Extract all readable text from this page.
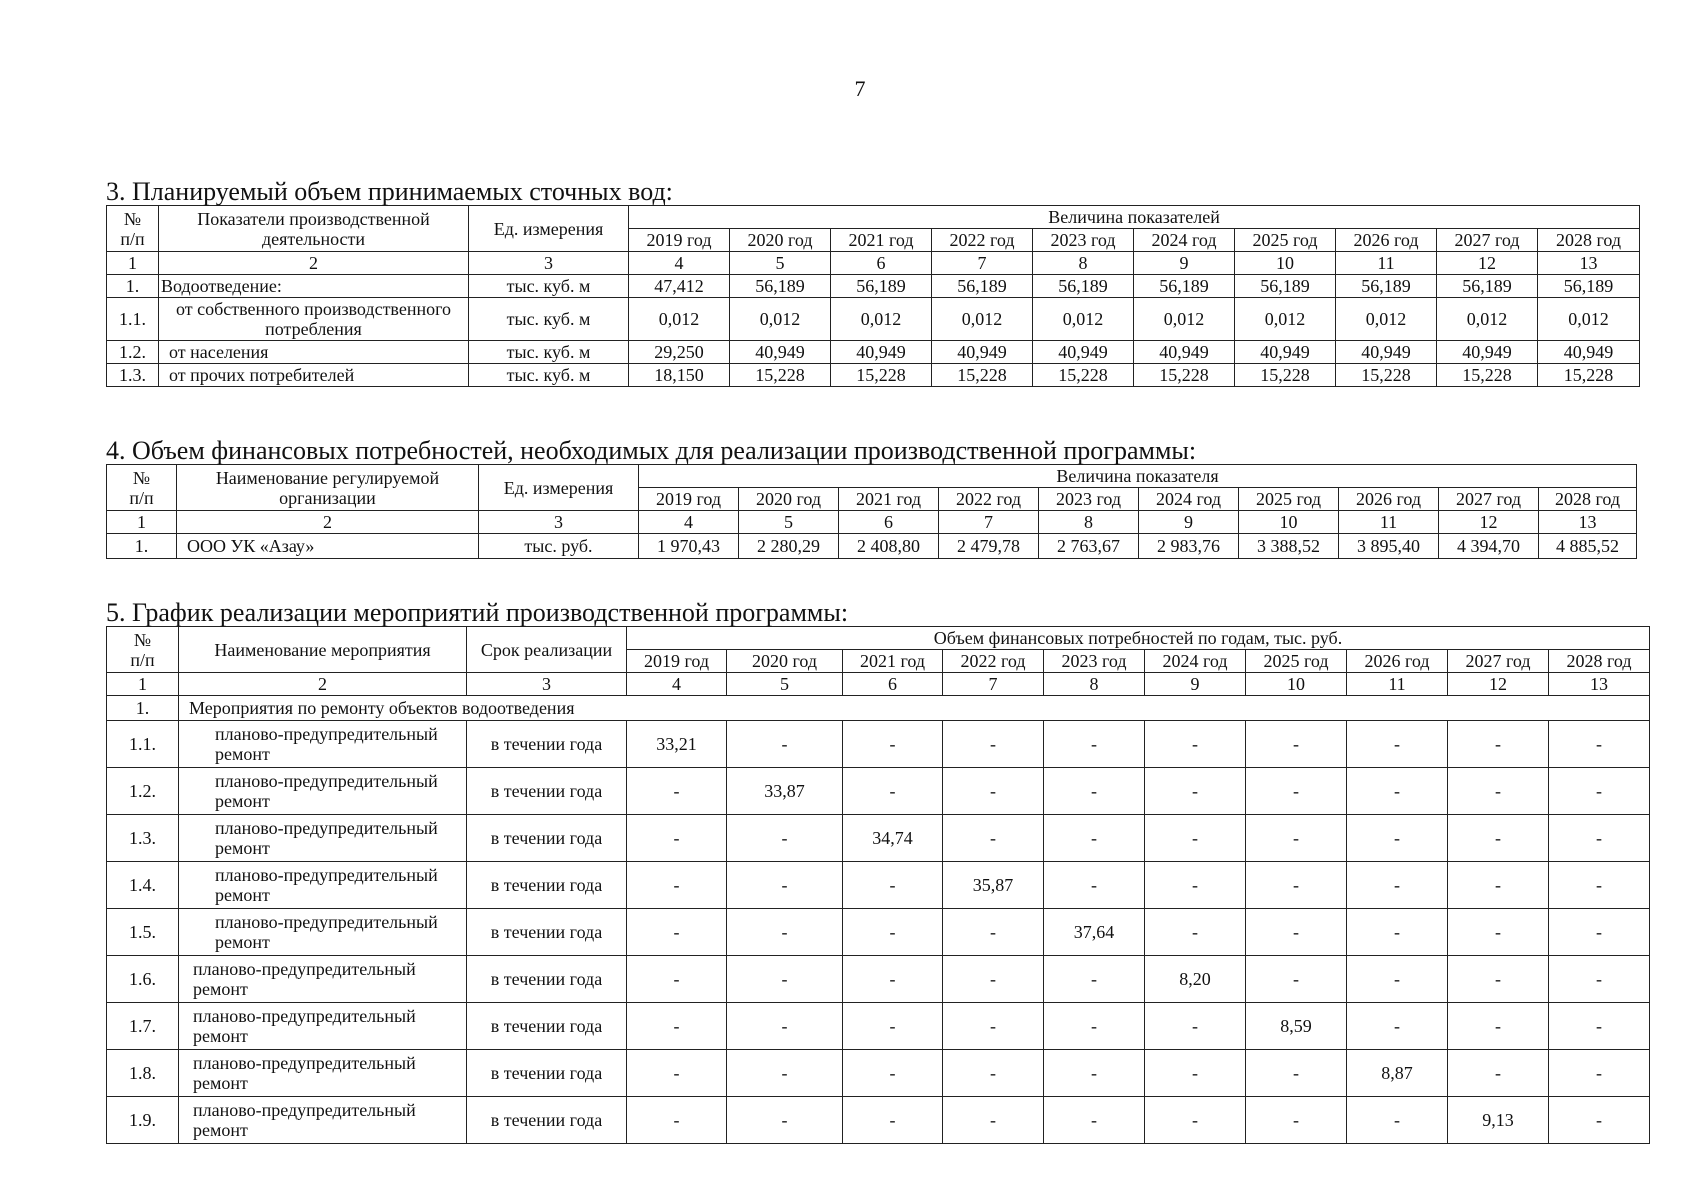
7
3. Планируемый объем принимаемых сточных вод:
№
п/п	Показатели производственной деятельности	Ед. измерения	Величина показателей									
			2019 год	2020 год	2021 год	2022 год	2023 год	2024 год	2025 год	2026 год	2027 год	2028 год
1	2	3	4	5	6	7	8	9	10	11	12	13
1.	Водоотведение:	тыс. куб. м	47,412	56,189	56,189	56,189	56,189	56,189	56,189	56,189	56,189	56,189
1.1.	от собственного производственного потребления	тыс. куб. м	0,012	0,012	0,012	0,012	0,012	0,012	0,012	0,012	0,012	0,012
1.2.	от населения	тыс. куб. м	29,250	40,949	40,949	40,949	40,949	40,949	40,949	40,949	40,949	40,949
1.3.	от прочих потребителей	тыс. куб. м	18,150	15,228	15,228	15,228	15,228	15,228	15,228	15,228	15,228	15,228
4. Объем финансовых потребностей, необходимых для реализации производственной программы:
№
п/п	Наименование регулируемой организации	Ед. измерения	Величина показателя									
			2019 год	2020 год	2021 год	2022 год	2023 год	2024 год	2025 год	2026 год	2027 год	2028 год
1	2	3	4	5	6	7	8	9	10	11	12	13
1.	ООО УК «Азау»	тыс. руб.	1 970,43	2 280,29	2 408,80	2 479,78	2 763,67	2 983,76	3 388,52	3 895,40	4 394,70	4 885,52
5. График реализации мероприятий производственной программы:
№
п/п	Наименование мероприятия	Срок реализации	Объем финансовых потребностей по годам, тыс. руб.									
			2019 год	2020 год	2021 год	2022 год	2023 год	2024 год	2025 год	2026 год	2027 год	2028 год
1	2	3	4	5	6	7	8	9	10	11	12	13
1.	Мероприятия по ремонту объектов водоотведения											
1.1.	планово-предупредительный ремонт	в течении года	33,21	-	-	-	-	-	-	-	-	-
1.2.	планово-предупредительный ремонт	в течении года	-	33,87	-	-	-	-	-	-	-	-
1.3.	планово-предупредительный ремонт	в течении года	-	-	34,74	-	-	-	-	-	-	-
1.4.	планово-предупредительный ремонт	в течении года	-	-	-	35,87	-	-	-	-	-	-
1.5.	планово-предупредительный ремонт	в течении года	-	-	-	-	37,64	-	-	-	-	-
1.6.	планово-предупредительный ремонт	в течении года	-	-	-	-	-	8,20	-	-	-	-
1.7.	планово-предупредительный ремонт	в течении года	-	-	-	-	-	-	8,59	-	-	-
1.8.	планово-предупредительный ремонт	в течении года	-	-	-	-	-	-	-	8,87	-	-
1.9.	планово-предупредительный ремонт	в течении года	-	-	-	-	-	-	-	-	9,13	-
